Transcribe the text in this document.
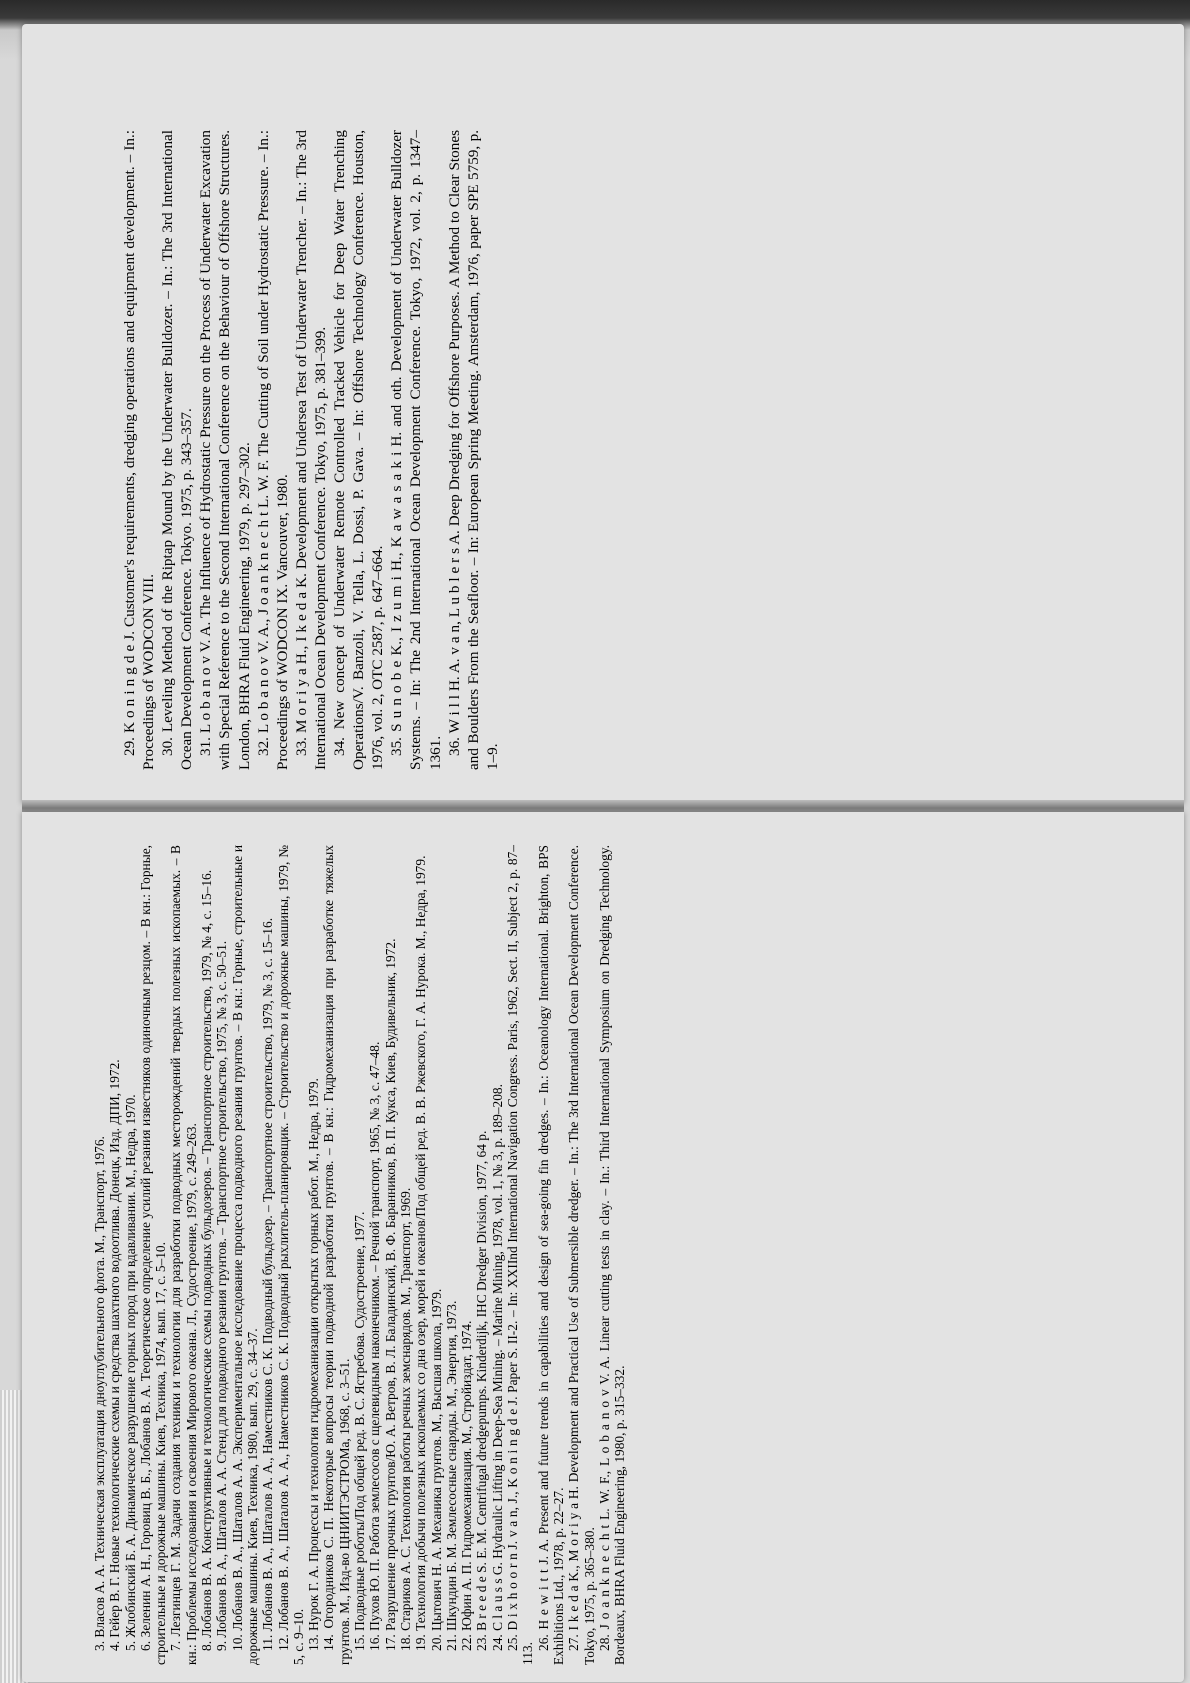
29. K o n i n g d e J. Customer's requirements, dredging operations and equipment development. – In.: Proceedings of WODCON VIII. 30. Leveling Method of the Riptap Mound by the Underwater Bulldozer. – In.: The 3rd International Ocean Development Conference. Tokyo. 1975, p. 343–357. 31. L o b a n o v V. A. The Influence of Hydrostatic Pressure on the Process of Underwater Excavation with Special Reference to the Second International Conference on the Behaviour of Offshore Structures. London, BHRA Fluid Engineering, 1979, p. 297–302. 32. L o b a n o v V. A., J o a n k n e c h t L. W. F. The Cutting of Soil under Hydrostatic Pressure. – In.: Proceedings of WODCON IX. Vancouver, 1980. 33. M o r i y a H., I k e d a K. Development and Undersea Test of Underwater Trencher. – In.: The 3rd International Ocean Development Conference. Tokyo, 1975, p. 381–399. 34. New concept of Underwater Remote Controlled Tracked Vehicle for Deep Water Trenching Operations/V. Banzoli, V. Tella, L. Dossi, P. Gava. – In: Offshore Technology Conference. Houston, 1976, vol. 2, OTC 2587, p. 647–664. 35. S u n o b e K., I z u m i H., K a w a s a k i H. and oth. Development of Underwater Bulldozer Systems. – In: The 2nd International Ocean Development Conference. Tokyo, 1972, vol. 2, p. 1347–1361. 36. W i l l H. A. v a n, L u b l e r s A. Deep Dredging for Offshore Purposes. A Method to Clear Stones and Boulders From the Seafloor. – In: European Spring Meeting. Amsterdam, 1976, paper SPE 5759, p. 1–9.

3. Власов А. А. Техническая эксплуатация дноуглубительного флота. М., Транспорт, 1976. 4. Гейер В. Г. Новые технологические схемы и средства шахтного водоотлива. Донецк, Изд. ДПИ, 1972. 5. Жлобинский Б. А. Динамическое разрушение горных пород при вдавливании. М., Недра, 1970. 6. Зеленин А. Н., Горовиц В. Б., Лобанов В. А. Теоретическое определение усилий резания известняков одиночным резцом. – В кн.: Горные, строительные и дорожные машины. Киев, Техника, 1974, вып. 17, с. 5–10. 7. Лезгинцев Г. М. Задачи создания техники и технологии для разработки подводных месторождений твердых полезных ископаемых. – В кн.: Проблемы исследования и освоения Мирового океана. Л., Судостроение, 1979, с. 249–263. 8. Лобанов В. А. Конструктивные и технологические схемы подводных бульдозеров. – Транспортное строительство, 1979, № 4, с. 15–16. 9. Лобанов В. А., Шаталов А. А. Стенд для подводного резания грунтов. – Транспортное строительство, 1975, № 3, с. 50–51. 10. Лобанов В. А., Шаталов А. А. Экспериментальное исследование процесса подводного резания грунтов. – В кн.: Горные, строительные и дорожные машины. Киев, Техника, 1980, вып. 29, с. 34–37. 11. Лобанов В. А., Шаталов А. А., Наместников С. К. Подводный бульдозер. – Транспортное строительство, 1979, № 3, с. 15–16. 12. Лобанов В. А., Шаталов А. А., Наместников С. К. Подводный рыхлитель-планировщик. – Строительство и дорожные машины, 1979, № 5, с. 9–10. 13. Нурок Г. А. Процессы и технология гидромеханизации открытых горных работ. М., Недра, 1979. 14. Огородников С. П. Некоторые вопросы теории подводной разработки грунтов. – В кн.: Гидромеханизация при разработке тяжелых грунтов. М., Изд-во ЦНИИТЭСТРОМа, 1968, с. 3–51. 15. Подводные роботы/Под общей ред. В. С. Ястребова. Судостроение, 1977. 16. Пухов Ю. П. Работа землесосов с щелевидным наконечником. – Речной транспорт, 1965, № 3, с. 47–48. 17. Разрушение прочных грунтов/Ю. А. Ветров, В. Л. Баладинский, В. Ф. Баранников, В. П. Кукса, Киев, Будивельник, 1972. 18. Стариков А. С. Технология работы речных земснарядов. М., Транспорт, 1969. 19. Технология добычи полезных ископаемых со дна озер, морей и океанов/Под общей ред. В. В. Ржевского, Г. А. Нурока. М., Недра, 1979. 20. Цытович Н. А. Механика грунтов. М., Высшая школа, 1979. 21. Шкундин Б. М. Землесосные снаряды. М., Энергия, 1973. 22. Юфин А. П. Гидромеханизация. М., Стройиздат, 1974. 23. B r e e d e S. E. M. Centrifugal dredgepumps. Kinderdijk, IHC Dredger Division, 1977, 64 p. 24. C l a u s s G. Hydraulic Lifting in Deep-Sea Mining. – Marine Mining, 1978, vol. 1, № 3, p. 189–208. 25. D i x h o o r n J. v a n, J., K o n i n g d e J. Paper S. II-2. – In: XXIInd International Navigation Congress. Paris, 1962, Sect. II, Subject 2, p. 87–113.

26. H e w i t t J. A. Present and future trends in capabilities and design of sea-going fin dredges. – In.: Oceanology International. Brighton, BPS Exhibitions Ltd., 1978, p. 22–27. 27. I k e d a K., M o r i y a H. Development and Practical Use of Submersible dredger. – In.: The 3rd International Ocean Development Conference. Tokyo, 1975, p. 365–380. 28. J o a n k n e c h t L. W. F., L o b a n o v V. A. Linear cutting tests in clay. – In.: Third International Symposium on Dredging Technology. Bordeaux, BHRA Fluid Engineering, 1980, p. 315–332.
